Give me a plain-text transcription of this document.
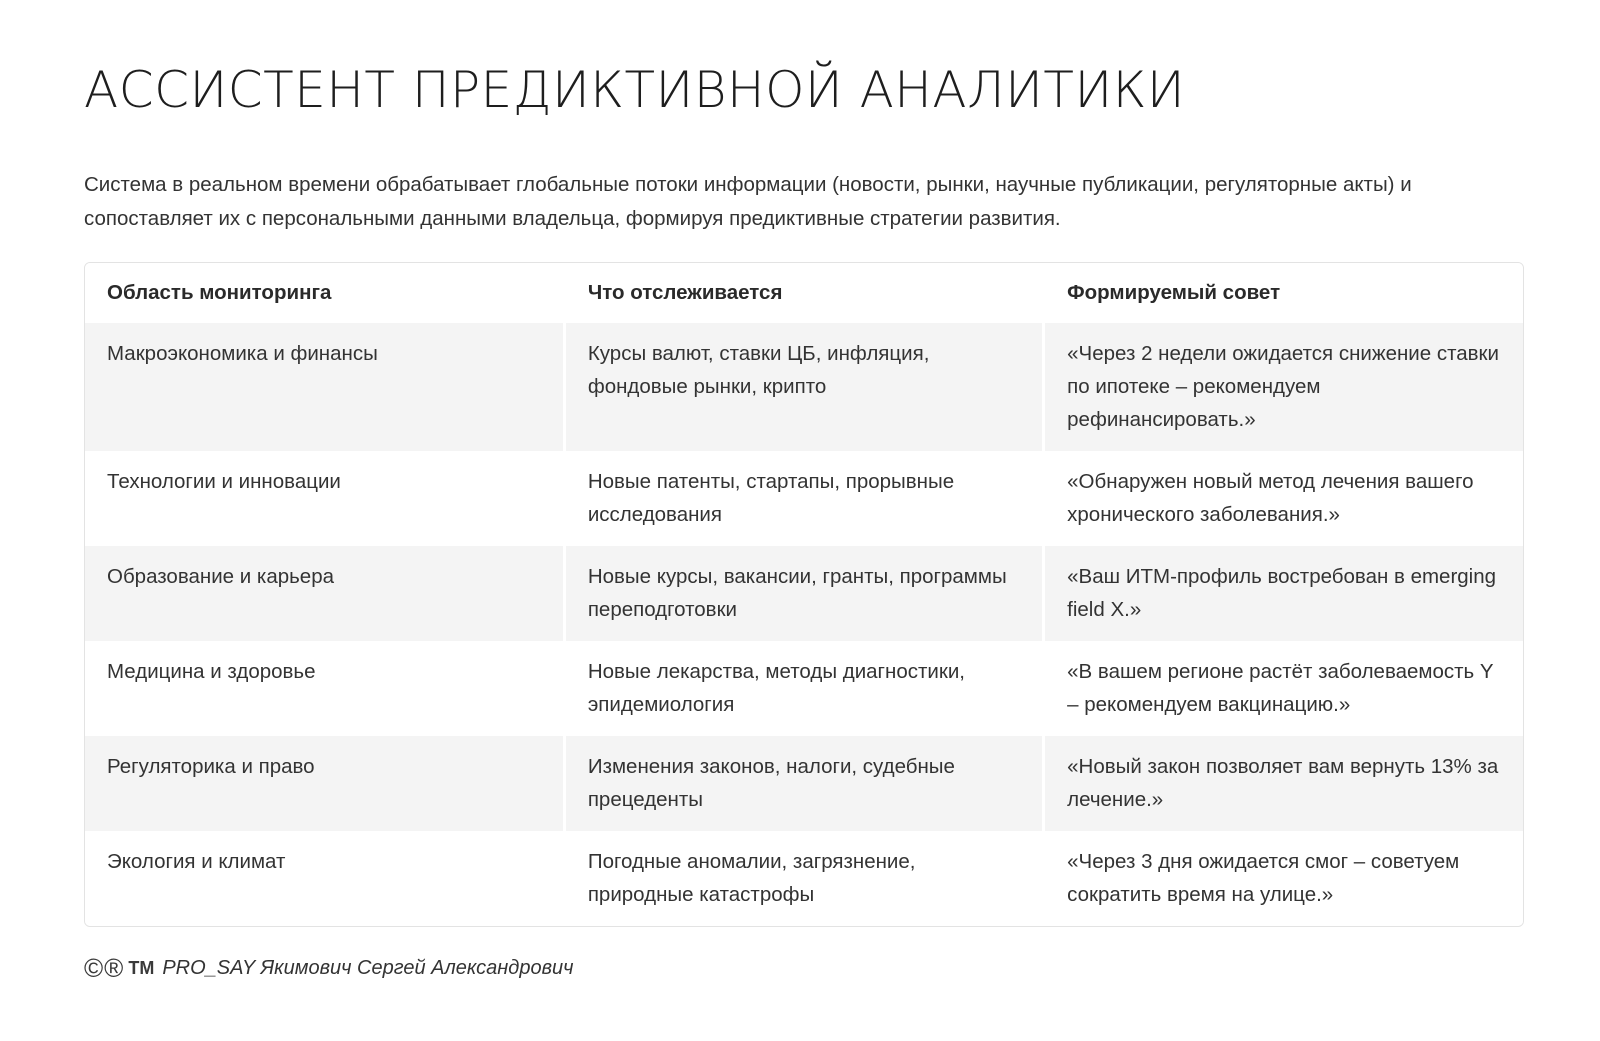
АССИСТЕНТ ПРЕДИКТИВНОЙ АНАЛИТИКИ

Система в реальном времени обрабатывает глобальные потоки информации (новости, рынки, научные публикации, регуляторные акты) и сопоставляет их с персональными данными владельца, формируя предиктивные стратегии развития.

Область мониторинга	Что отслеживается	Формируемый совет
Макроэкономика и финансы	Курсы валют, ставки ЦБ, инфляция, фондовые рынки, крипто	«Через 2 недели ожидается снижение ставки по ипотеке – рекомендуем рефинансировать.»
Технологии и инновации	Новые патенты, стартапы, прорывные исследования	«Обнаружен новый метод лечения вашего хронического заболевания.»
Образование и карьера	Новые курсы, вакансии, гранты, программы переподготовки	«Ваш ИТМ-профиль востребован в emerging field X.»
Медицина и здоровье	Новые лекарства, методы диагностики, эпидемиология	«В вашем регионе растёт заболеваемость Y – рекомендуем вакцинацию.»
Регуляторика и право	Изменения законов, налоги, судебные прецеденты	«Новый закон позволяет вам вернуть 13% за лечение.»
Экология и климат	Погодные аномалии, загрязнение, природные катастрофы	«Через 3 дня ожидается смог – советуем сократить время на улице.»
© ® TM PRO_SAY Якимович Сергей Александрович
